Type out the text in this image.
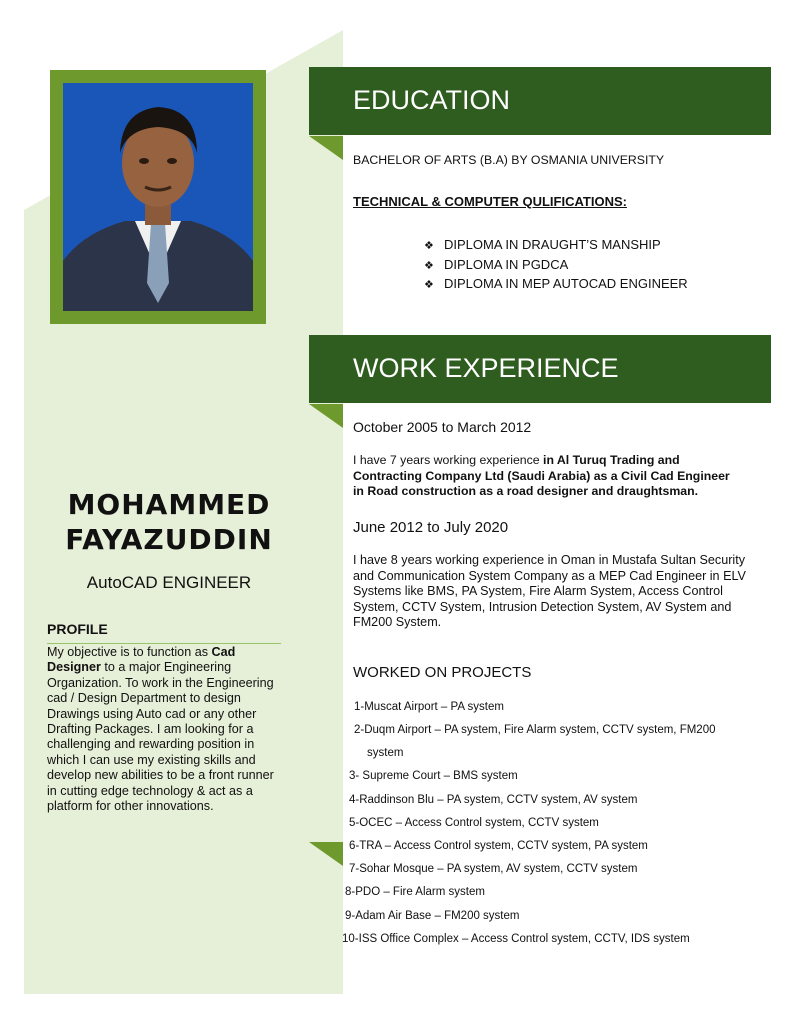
MOHAMMED
FAYAZUDDIN
AutoCAD ENGINEER
PROFILE
My objective is to function as Cad Designer to a major Engineering Organization. To work in the Engineering cad / Design Department to design Drawings using Auto cad or any other Drafting Packages. I am looking for a challenging and rewarding position in which I can use my existing skills and develop new abilities to be a front runner in cutting edge technology & act as a platform for other innovations.
EDUCATION
BACHELOR OF ARTS (B.A) BY OSMANIA UNIVERSITY
TECHNICAL & COMPUTER QULIFICATIONS:
❖ DIPLOMA IN DRAUGHT’S MANSHIP
❖ DIPLOMA IN PGDCA
❖ DIPLOMA IN MEP AUTOCAD ENGINEER
WORK EXPERIENCE
October 2005 to March 2012
I have 7 years working experience in Al Turuq Trading and Contracting Company Ltd (Saudi Arabia) as a Civil Cad Engineer in Road construction as a road designer and draughtsman.
June 2012 to July 2020
I have 8 years working experience in Oman in Mustafa Sultan Security and Communication System Company as a MEP Cad Engineer in ELV Systems like BMS, PA System, Fire Alarm System, Access Control System, CCTV System, Intrusion Detection System, AV System and FM200 System.
WORKED ON PROJECTS
1-Muscat Airport – PA system
2-Duqm Airport – PA system, Fire Alarm system, CCTV system, FM200
system
3- Supreme Court – BMS system
4-Raddinson Blu – PA system, CCTV system, AV system
5-OCEC – Access Control system, CCTV system
6-TRA – Access Control system, CCTV system, PA system
7-Sohar Mosque – PA system, AV system, CCTV system
8-PDO – Fire Alarm system
9-Adam Air Base – FM200 system
10-ISS Office Complex – Access Control system, CCTV, IDS system
